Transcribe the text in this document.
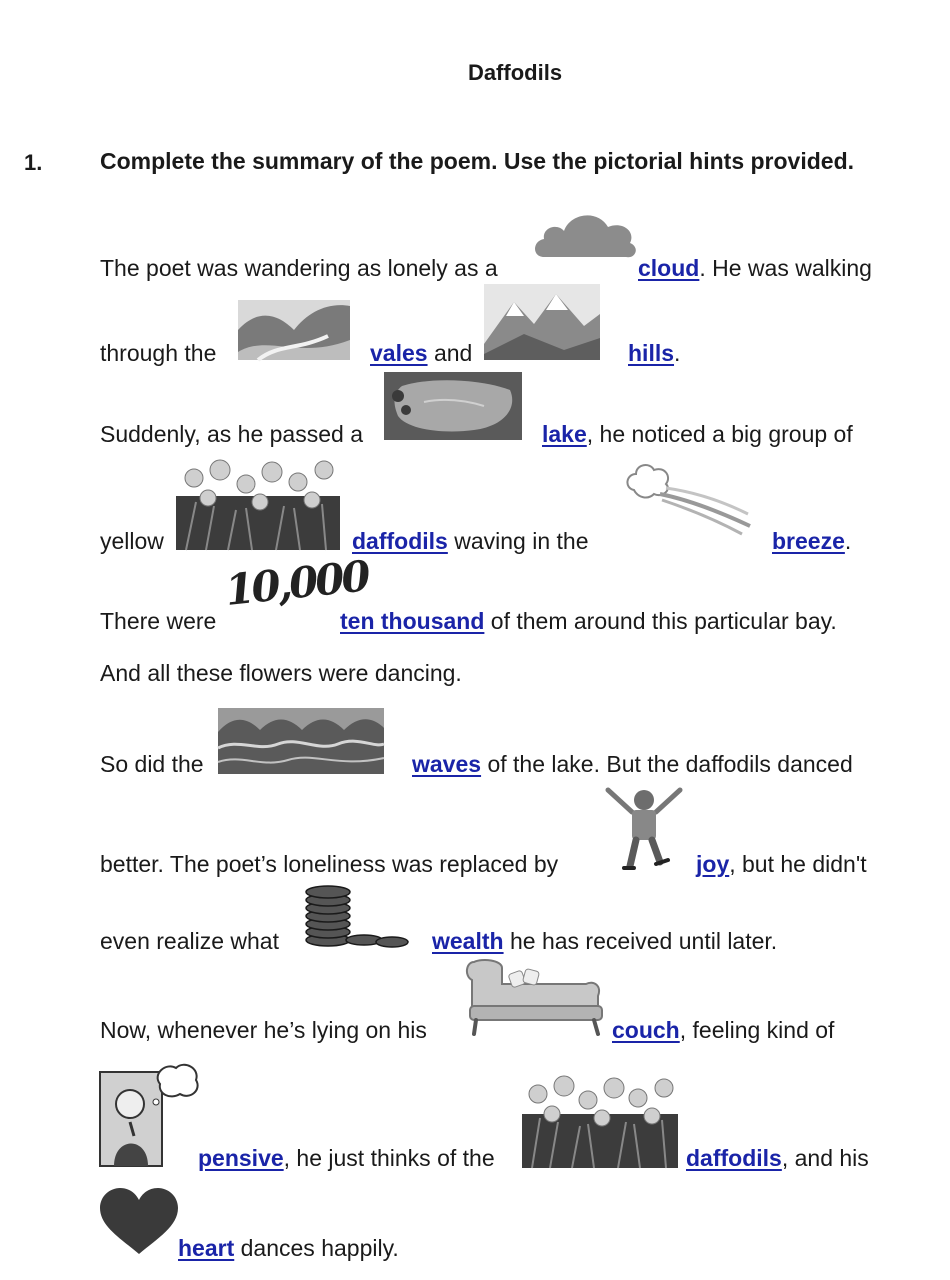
Daffodils
1.	Complete the summary of the poem. Use the pictorial hints provided.
The poet was wandering as lonely as a	cloud. He was walking
through the	vales and	hills.
Suddenly, as he passed a	lake, he noticed a big group of
yellow	daffodils waving in the	breeze.
There were
10,000
ten thousand of them around this particular bay.
And all these flowers were dancing.
So did the	waves of the lake. But the daffodils danced
better. The poet’s loneliness was replaced by	joy, but he didn't
even realize what	wealth he has received until later.
Now, whenever he’s lying on his	couch, feeling kind of
pensive, he just thinks of the	daffodils, and his
heart dances happily.
